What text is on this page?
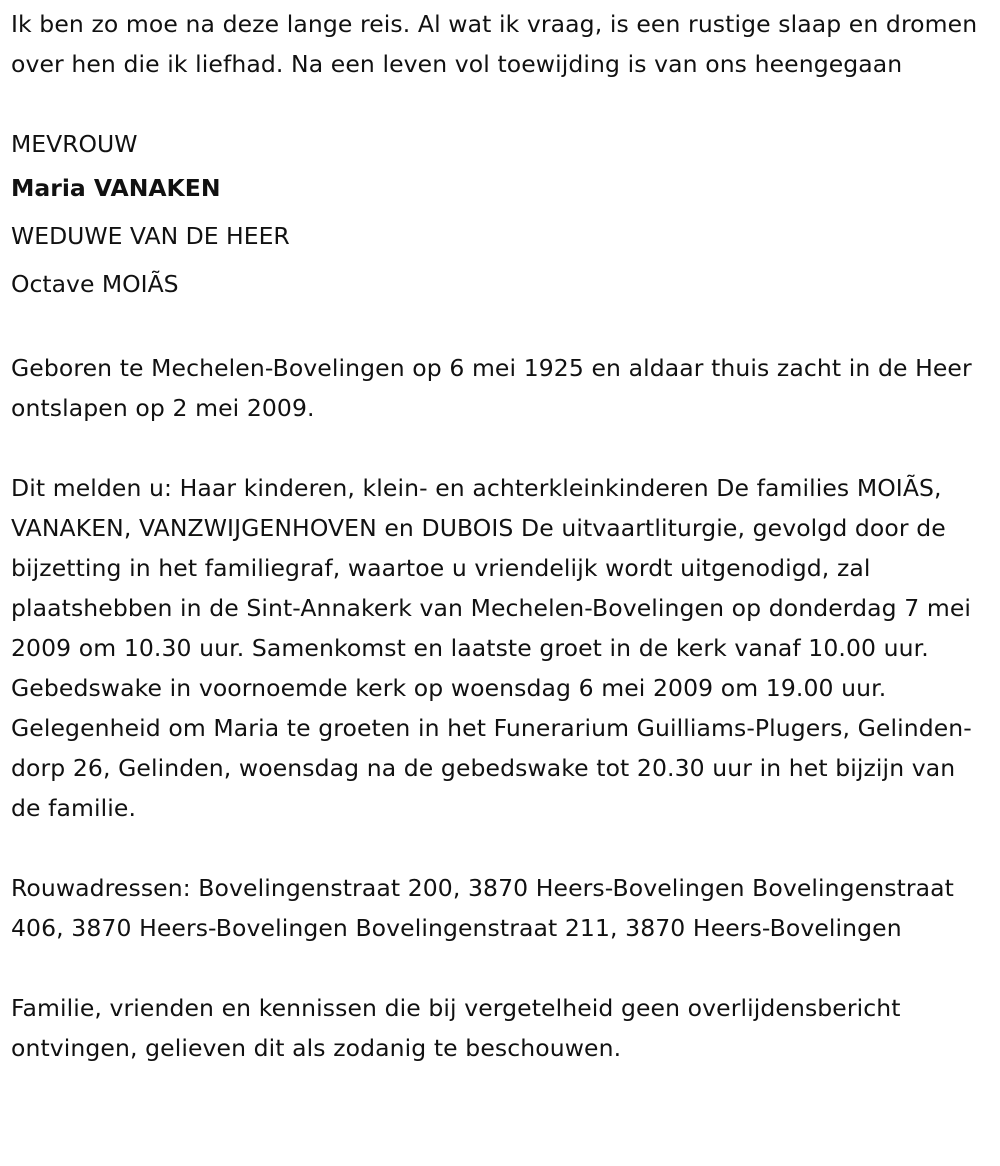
Ik ben zo moe na deze lange reis. Al wat ik vraag, is een rustige slaap en dromen over hen die ik liefhad. Na een leven vol toewijding is van ons heengegaan

MEVROUW

Maria VANAKEN

WEDUWE VAN DE HEER

Octave MOIÃS

Geboren te Mechelen-Bovelingen op 6 mei 1925 en aldaar thuis zacht in de Heer ontslapen op 2 mei 2009.

Dit melden u: Haar kinderen, klein- en achterkleinkinderen De families MOIÃS, VANAKEN, VANZWIJGENHOVEN en DUBOIS De uitvaartliturgie, gevolgd door de bijzetting in het familiegraf, waartoe u vriendelijk wordt uitgenodigd, zal plaatshebben in de Sint-Annakerk van Mechelen-Bovelingen op donderdag 7 mei 2009 om 10.30 uur. Samenkomst en laatste groet in de kerk vanaf 10.00 uur. Gebedswake in voornoemde kerk op woensdag 6 mei 2009 om 19.00 uur. Gelegenheid om Maria te groeten in het Funerarium Guilliams-Plugers, Gelinden-dorp 26, Gelinden, woensdag na de gebedswake tot 20.30 uur in het bijzijn van de familie.

Rouwadressen: Bovelingenstraat 200, 3870 Heers-Bovelingen Bovelingenstraat 406, 3870 Heers-Bovelingen Bovelingenstraat 211, 3870 Heers-Bovelingen

Familie, vrienden en kennissen die bij vergetelheid geen overlijdensbericht ontvingen, gelieven dit als zodanig te beschouwen.
